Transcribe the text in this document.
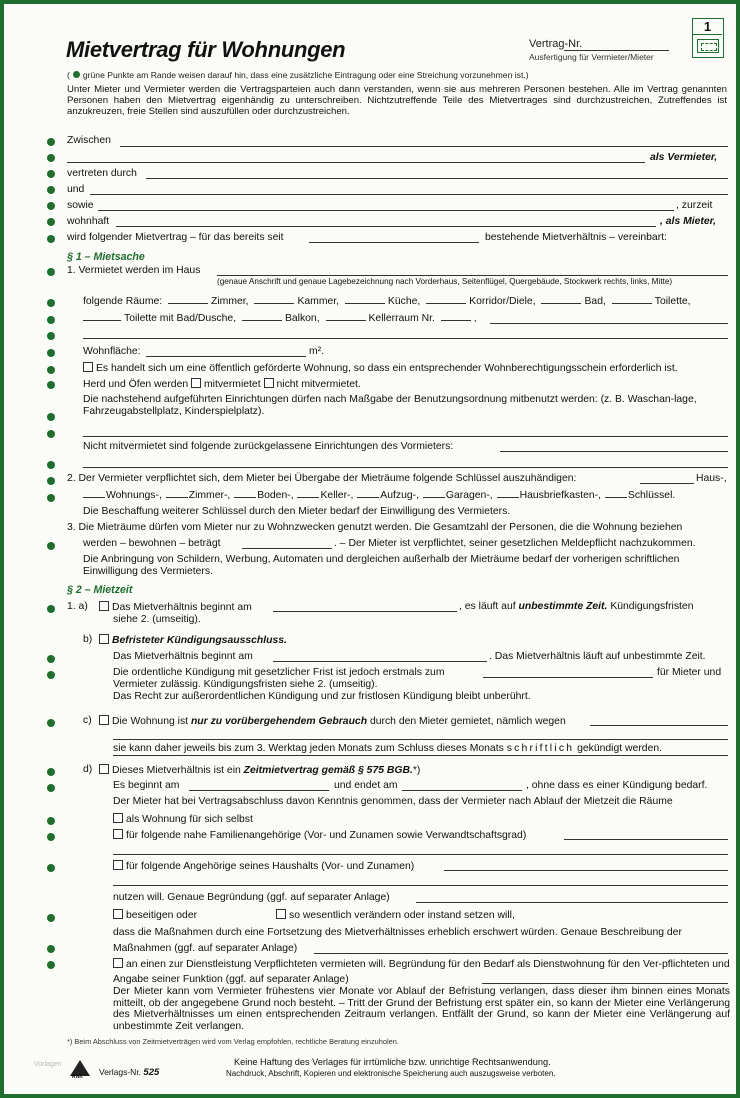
Mietvertrag für Wohnungen	Vertrag-Nr.
Ausfertigung für Vermieter/Mieter
1
( grüne Punkte am Rande weisen darauf hin, dass eine zusätzliche Eintragung oder eine Streichung vorzunehmen ist.)
Unter Mieter und Vermieter werden die Vertragsparteien auch dann verstanden, wenn sie aus mehreren Personen bestehen. Alle im Vertrag genannten Personen haben den Mietvertrag eigenhändig zu unterschreiben. Nichtzutreffende Teile des Mietvertrages sind durchzustreichen, Zutreffendes ist anzukreuzen, freie Stellen sind auszufüllen oder durchzustreichen.
Zwischen
als Vermieter,
vertreten durch
und
sowie	, zurzeit
wohnhaft	, als Mieter,
wird folgender Mietvertrag – für das bereits seit	bestehende Mietverhältnis – vereinbart:
§ 1 – Mietsache
1. Vermietet werden im Haus
(genaue Anschrift und genaue Lagebezeichnung nach Vorderhaus, Seitenflügel, Quergebäude, Stockwerk rechts, links, Mitte)
folgende Räume:	Zimmer,	Kammer,	Küche,	Korridor/Diele,	Bad,	Toilette,
Toilette mit Bad/Dusche,	Balkon,	Kellerraum Nr.	,
Wohnfläche:	m².
Es handelt sich um eine öffentlich geförderte Wohnung, so dass ein entsprechender Wohnberechtigungsschein erforderlich ist.
Herd und Öfen werden mitvermietet nicht mitvermietet.
Die nachstehend aufgeführten Einrichtungen dürfen nach Maßgabe der Benutzungsordnung mitbenutzt werden: (z. B. Waschan-lage, Fahrzeugabstellplatz, Kinderspielplatz).
Nicht mitvermietet sind folgende zurückgelassene Einrichtungen des Vormieters:
2. Der Vermieter verpflichtet sich, dem Mieter bei Übergabe der Mieträume folgende Schlüssel auszuhändigen:	Haus-,
Wohnungs-,	Zimmer-,	Boden-,	Keller-,	Aufzug-,	Garagen-,	Hausbriefkasten-,	Schlüssel.
Die Beschaffung weiterer Schlüssel durch den Mieter bedarf der Einwilligung des Vermieters.
3. Die Mieträume dürfen vom Mieter nur zu Wohnzwecken genutzt werden. Die Gesamtzahl der Personen, die die Wohnung beziehen
werden – bewohnen – beträgt	. – Der Mieter ist verpflichtet, seiner gesetzlichen Meldepflicht nachzukommen.
Die Anbringung von Schildern, Werbung, Automaten und dergleichen außerhalb der Mieträume bedarf der vorherigen schriftlichen Einwilligung des Vermieters.
§ 2 – Mietzeit
1. a)	Das Mietverhältnis beginnt am	, es läuft auf unbestimmte Zeit. Kündigungsfristen
siehe 2. (umseitig).
b)	Befristeter Kündigungsausschluss.
Das Mietverhältnis beginnt am	. Das Mietverhältnis läuft auf unbestimmte Zeit.
Die ordentliche Kündigung mit gesetzlicher Frist ist jedoch erstmals zum	für Mieter und
Vermieter zulässig. Kündigungsfristen siehe 2. (umseitig).
Das Recht zur außerordentlichen Kündigung und zur fristlosen Kündigung bleibt unberührt.
c)	Die Wohnung ist nur zu vorübergehendem Gebrauch durch den Mieter gemietet, nämlich wegen
sie kann daher jeweils bis zum 3. Werktag jeden Monats zum Schluss dieses Monats schriftlich gekündigt werden.
d)	Dieses Mietverhältnis ist ein Zeitmietvertrag gemäß § 575 BGB.*)
Es beginnt am	und endet am	, ohne dass es einer Kündigung bedarf.
Der Mieter hat bei Vertragsabschluss davon Kenntnis genommen, dass der Vermieter nach Ablauf der Mietzeit die Räume
als Wohnung für sich selbst
für folgende nahe Familienangehörige (Vor- und Zunamen sowie Verwandtschaftsgrad)
für folgende Angehörige seines Haushalts (Vor- und Zunamen)
nutzen will. Genaue Begründung (ggf. auf separater Anlage)
beseitigen oder	so wesentlich verändern oder instand setzen will,
dass die Maßnahmen durch eine Fortsetzung des Mietverhältnisses erheblich erschwert würden. Genaue Beschreibung der Maßnahmen (ggf. auf separater Anlage)
an einen zur Dienstleistung Verpflichteten vermieten will. Begründung für den Bedarf als Dienstwohnung für den Ver-pflichteten und Angabe seiner Funktion (ggf. auf separater Anlage)
Der Mieter kann vom Vermieter frühestens vier Monate vor Ablauf der Befristung verlangen, dass dieser ihm binnen eines Monats mitteilt, ob der angegebene Grund noch besteht. – Tritt der Grund der Befristung erst später ein, so kann der Mieter eine Verlängerung des Mietverhältnisses um einen entsprechenden Zeitraum verlangen. Entfällt der Grund, so kann der Mieter eine Verlängerung auf unbestimmte Zeit verlangen.
*) Beim Abschluss von Zeitmietverträgen wird vom Verlag empfohlen, rechtliche Beratung einzuholen.
Vorlagen
RNK Verlags-Nr. 525
Keine Haftung des Verlages für irrtümliche bzw. unrichtige Rechtsanwendung.
Nachdruck, Abschrift, Kopieren und elektronische Speicherung auch auszugsweise verboten.
